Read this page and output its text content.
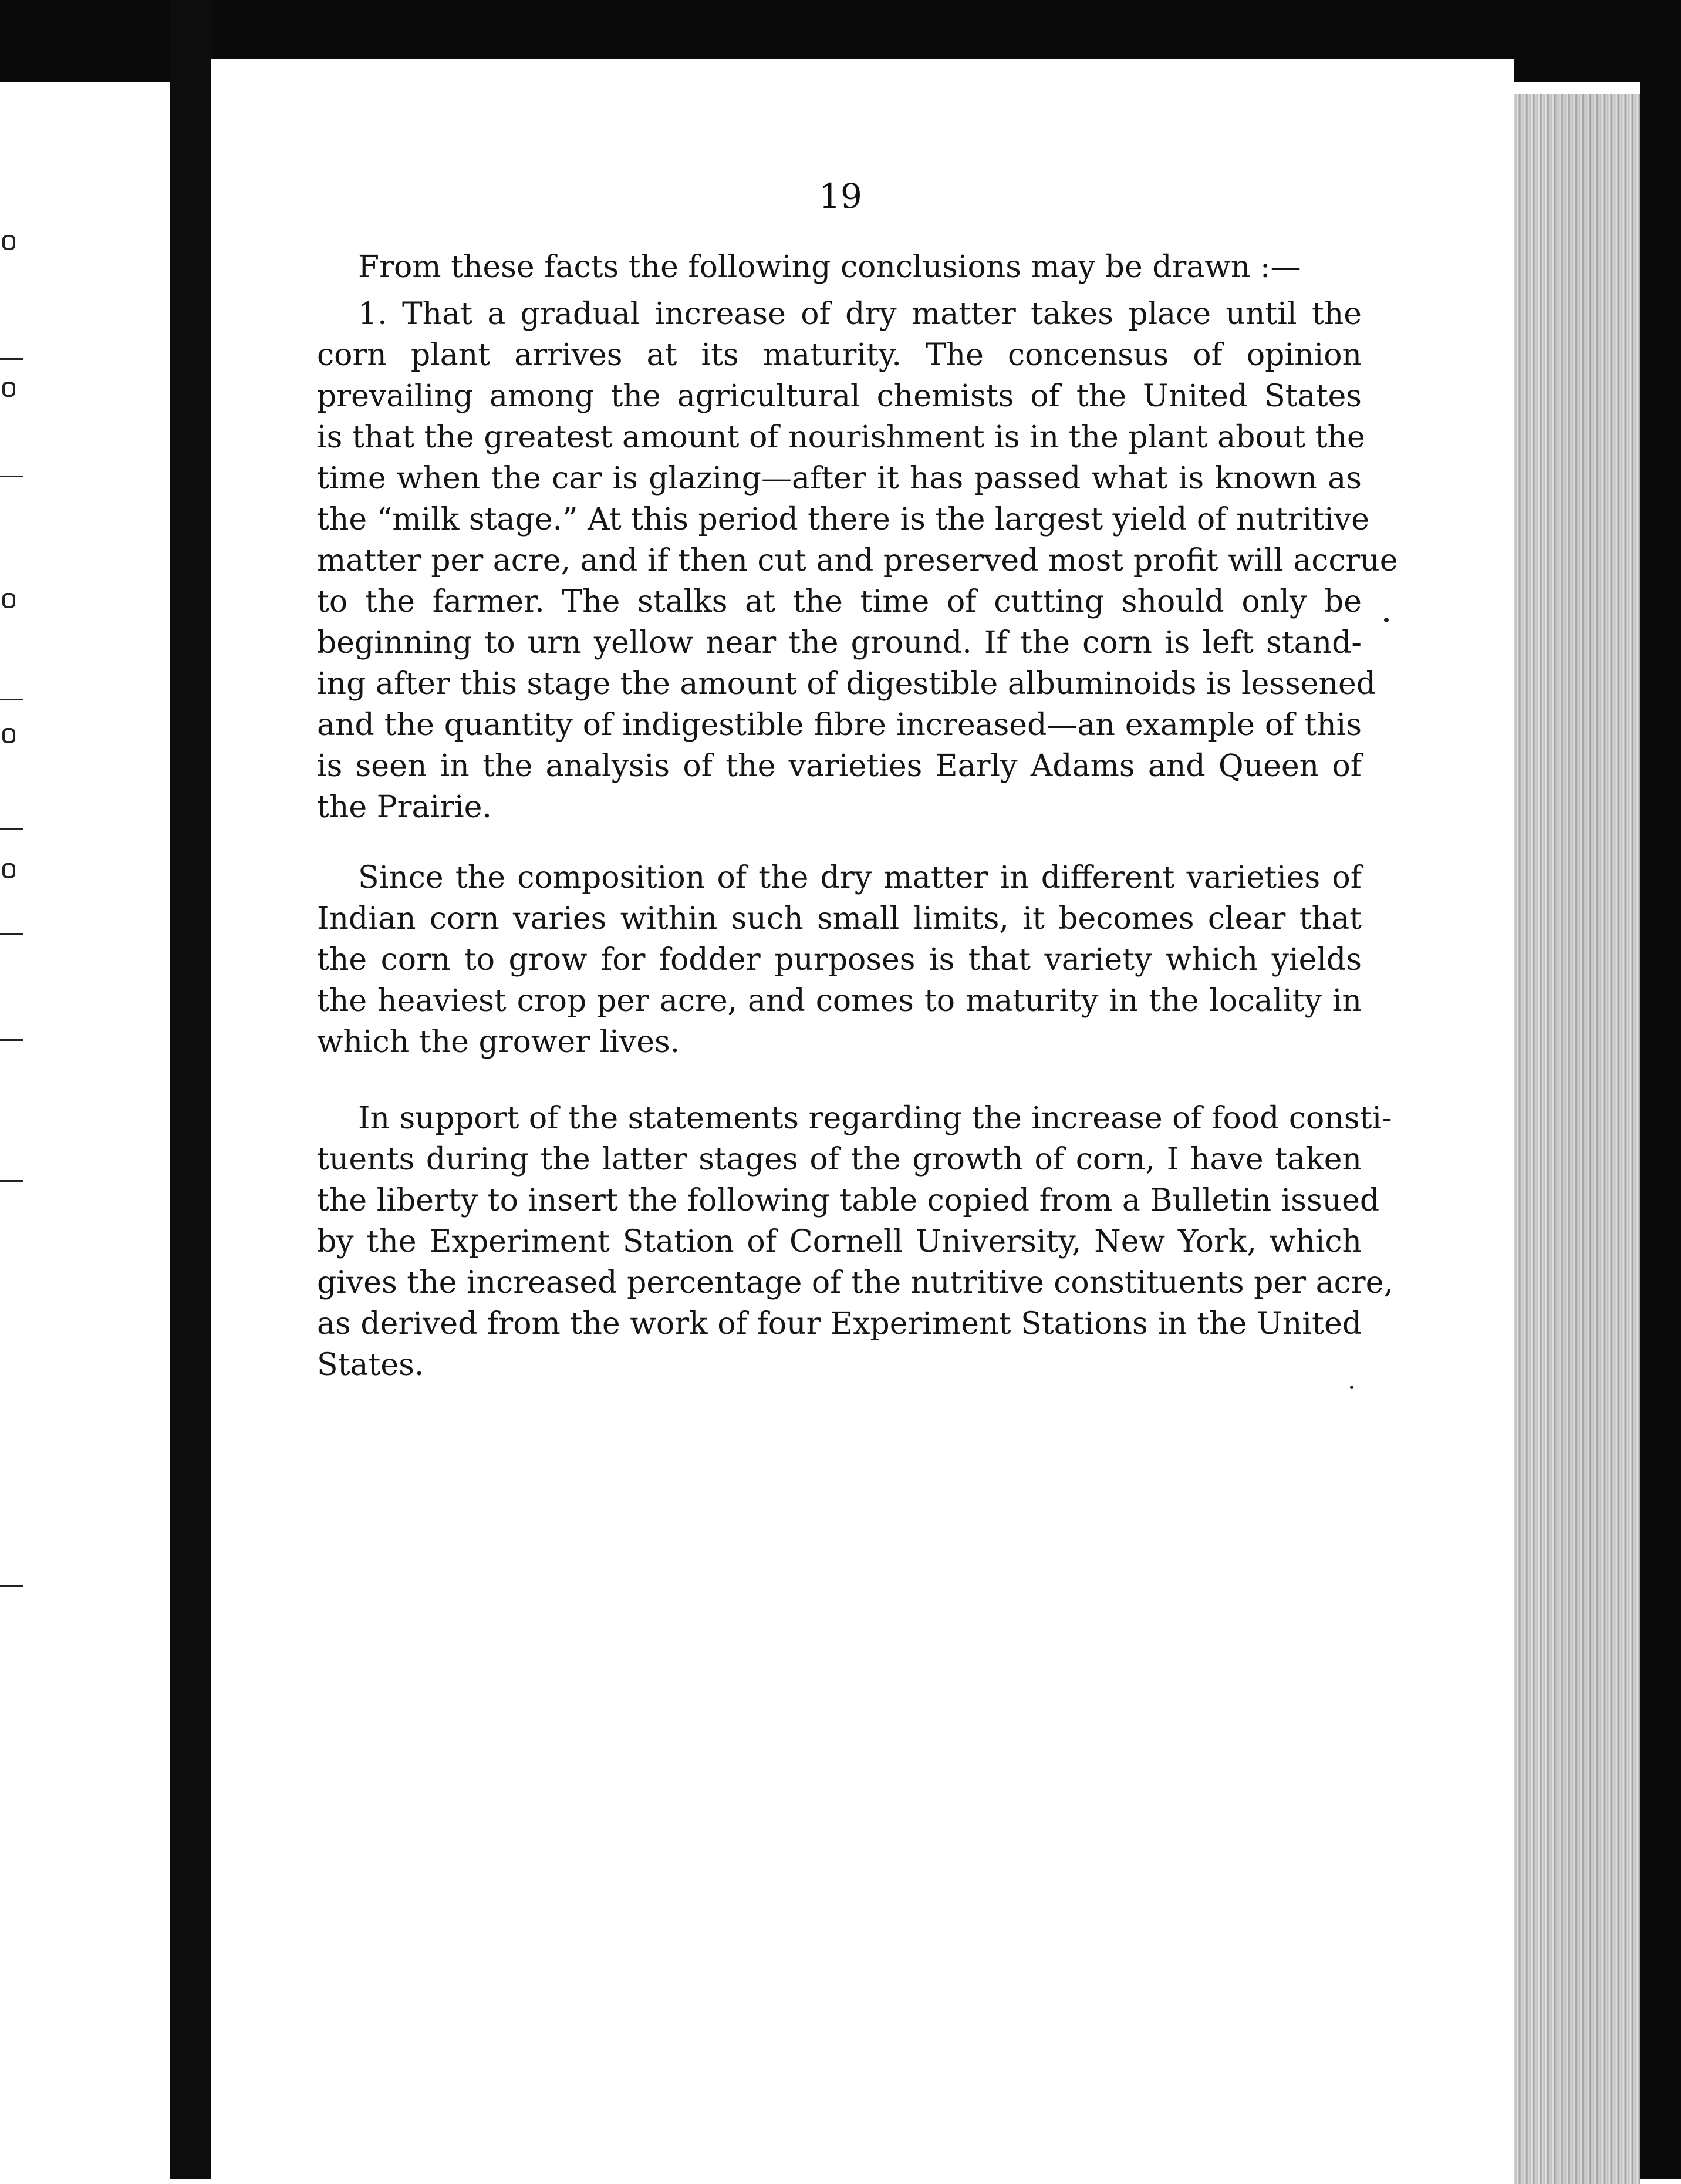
19
From these facts the following conclusions may be drawn :—
1. That a gradual increase of dry matter takes place until the
corn plant arrives at its maturity. The concensus of opinion
prevailing among the agricultural chemists of the United States
is that the greatest amount of nourishment is in the plant about the
time when the car is glazing—after it has passed what is known as
the “milk stage.” At this period there is the largest yield of nutritive
matter per acre, and if then cut and preserved most profit will accrue
to the farmer. The stalks at the time of cutting should only be
beginning to urn yellow near the ground. If the corn is left stand-
ing after this stage the amount of digestible albuminoids is lessened
and the quantity of indigestible fibre increased—an example of this
is seen in the analysis of the varieties Early Adams and Queen of
the Prairie.
Since the composition of the dry matter in different varieties of
Indian corn varies within such small limits, it becomes clear that
the corn to grow for fodder purposes is that variety which yields
the heaviest crop per acre, and comes to maturity in the locality in
which the grower lives.
In support of the statements regarding the increase of food consti-
tuents during the latter stages of the growth of corn, I have taken
the liberty to insert the following table copied from a Bulletin issued
by the Experiment Station of Cornell University, New York, which
gives the increased percentage of the nutritive constituents per acre,
as derived from the work of four Experiment Stations in the United
States.
